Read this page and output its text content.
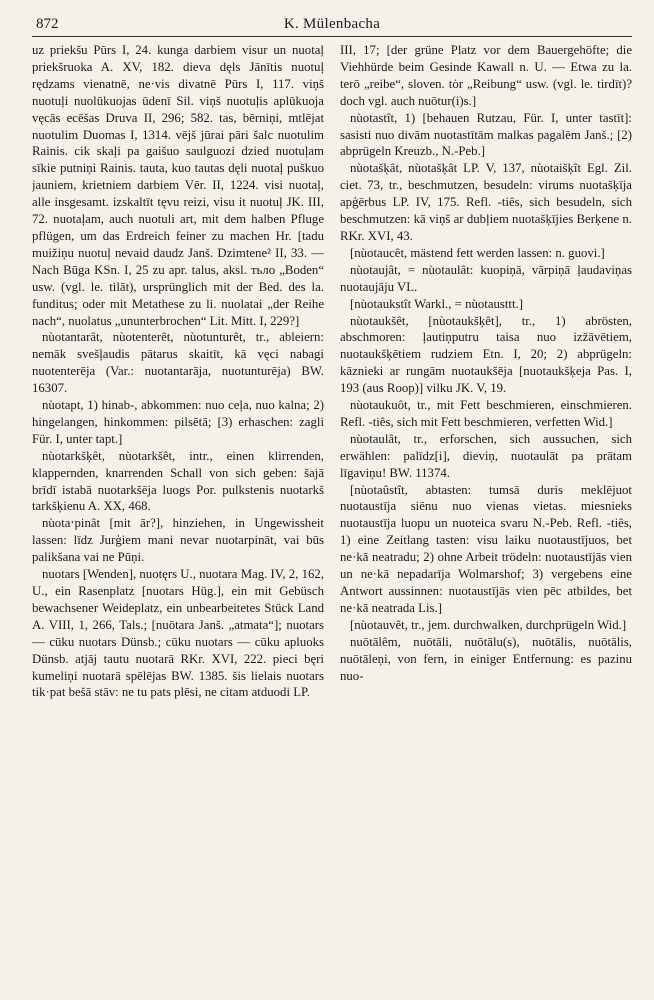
872	K. Mülenbacha

uz priekšu Pūrs I, 24. kunga darbiem visur un nuotaļ priekšruoka A. XV, 182. dieva dęls Jānītis nuotuļ rędzams vienatnē, ne·vis divatnē Pūrs I, 117. viņš nuotuļi nuolūkuojas ūdenī Sil. viņš nuotuļis aplūkuoja vęcās ecēšas Druva II, 296; 582. tas, bērniņi, mtlējat nuotulim Duomas I, 1314. vējš jūrai pāri šalc nuotulim Rainis. cik skaļi pa gaišuo saulguozi dzied nuotuļam sīkie putniņi Rainis. tauta, kuo tautas dęli nuotaļ puškuo jauniem, krietniem darbiem Vēr. II, 1224. visi nuotaļ, alle insgesamt. izskaltīt tęvu reizi, visu it nuotuļ JK. III, 72. nuotaļam, auch nuotuli art, mit dem halben Pfluge pflügen, um das Erdreich feiner zu machen Hr. [tadu muižiņu nuotuļ nevaid daudz Janš. Dzimtene² II, 33. — Nach Būga KSn. I, 25 zu apr. talus, aksl. тьло „Boden“ usw. (vgl. le. tilāt), ursprünglich mit der Bed. des la. funditus; oder mit Metathese zu li. nuolatai „der Reihe nach“, nuolatus „ununterbrochen“ Lit. Mitt. I, 229?]

nùotantarât, nùotenterêt, nùotunturêt, tr., ableiern: nemāk svešļaudis pātarus skaitīt, kā vęci nabagi nuotenterēja (Var.: nuotantarāja, nuotunturēja) BW. 16307.

nùotapt, 1) hinab-, abkommen: nuo ceļa, nuo kalna; 2) hingelangen, hinkommen: pilsētā; [3) erhaschen: zagli Für. I, unter tapt.]

nùotarkšķêt, nùotarkšêt, intr., einen klirrenden, klappernden, knarrenden Schall von sich geben: šajā brīdī istabā nuotarkšēja luogs Por. pulkstenis nuotarkš tarkšķienu A. XX, 468.

nùota‧pinât [mit ār?], hinziehen, in Ungewissheit lassen: līdz Jurģiem mani nevar nuotarpināt, vai būs palikšana vai ne Pūņi.

nuotars [Wenden], nuotęrs U., nuotara Mag. IV, 2, 162, U., ein Rasenplatz [nuotars Hüg.], ein mit Gebüsch bewachsener Weideplatz, ein unbearbeitetes Stück Land A. VIII, 1, 266, Tals.; [nuōtara Janš. „atmata“]; nuotars — cūku nuotars Dünsb.; cūku nuotars — cūku apluoks Dünsb. atjāj tautu nuotarā RKr. XVI, 222. pieci bęri kumeliņi nuotarā spēlējas BW. 1385. šis lielais nuotars tik·pat bešā stāv: ne tu pats plēsi, ne citam atduodi LP.

III, 17; [der grüne Platz vor dem Bauergehöfte; die Viehhürde beim Gesinde Kawall n. U. — Etwa zu la. terō „reibe“, sloven. tȯr „Reibung“ usw. (vgl. le. tirdīt)? doch vgl. auch nuōtur(i)s.]

nùotastît, 1) [behauen Rutzau, Für. I, unter tastīt]: sasisti nuo divām nuotastītām malkas pagalēm Janš.; [2) abprügeln Kreuzb., N.-Peb.]

nùotašķât, nùotašķât LP. V, 137, nùotaišķît Egl. Zil. ciet. 73, tr., beschmutzen, besudeln: virums nuotašķīja apģērbus LP. IV, 175. Refl. -tiês, sich besudeln, sich beschmutzen: kā viņš ar dubļiem nuotašķījies Berķene n. RKr. XVI, 43.

[nùotaucêt, mästend fett werden lassen: n. guovi.]

nùotaujât, = nùotaulât: kuopiņā, vārpiņā ļaudaviņas nuotaujāju VL.

[nùotaukstît Warkl., = nùotausttt.]

nùotaukšêt, [nùotaukšķêt], tr., 1) abrösten, abschmoren: ļautiņputru taisa nuo izžāvētiem, nuotaukšķētiem rudziem Etn. I, 20; 2) abprügeln: kāznieki ar rungām nuotaukšēja [nuotaukšķeja Pas. I, 193 (aus Roop)] vilku JK. V, 19.

nùotaukuôt, tr., mit Fett beschmieren, einschmieren. Refl. -tiês, sich mit Fett beschmieren, verfetten Wid.]

nùotaulât, tr., erforschen, sich aussuchen, sich erwählen: palīdz[i], dieviņ, nuotaulāt pa prātam līgaviņu! BW. 11374.

[nùotaûstît, abtasten: tumsā duris meklējuot nuotaustīja siēnu nuo vienas vietas. miesnieks nuotaustīja luopu un nuoteica svaru N.-Peb. Refl. -tiês, 1) eine Zeitlang tasten: visu laiku nuotaustījuos, bet ne·kā neatradu; 2) ohne Arbeit trödeln: nuotaustījās vien un ne·kā nepadarīja Wolmarshof; 3) vergebens eine Antwort aussinnen: nuotaustījās vien pēc atbildes, bet ne·kā neatrada Lis.]

[nùotauvêt, tr., jem. durchwalken, durchprügeln Wid.]

nuōtālêm, nuōtāli, nuōtālu(s), nuōtālis, nuōtālis, nuōtāleņi, von fern, in einiger Entfernung: es pazinu nuo-
